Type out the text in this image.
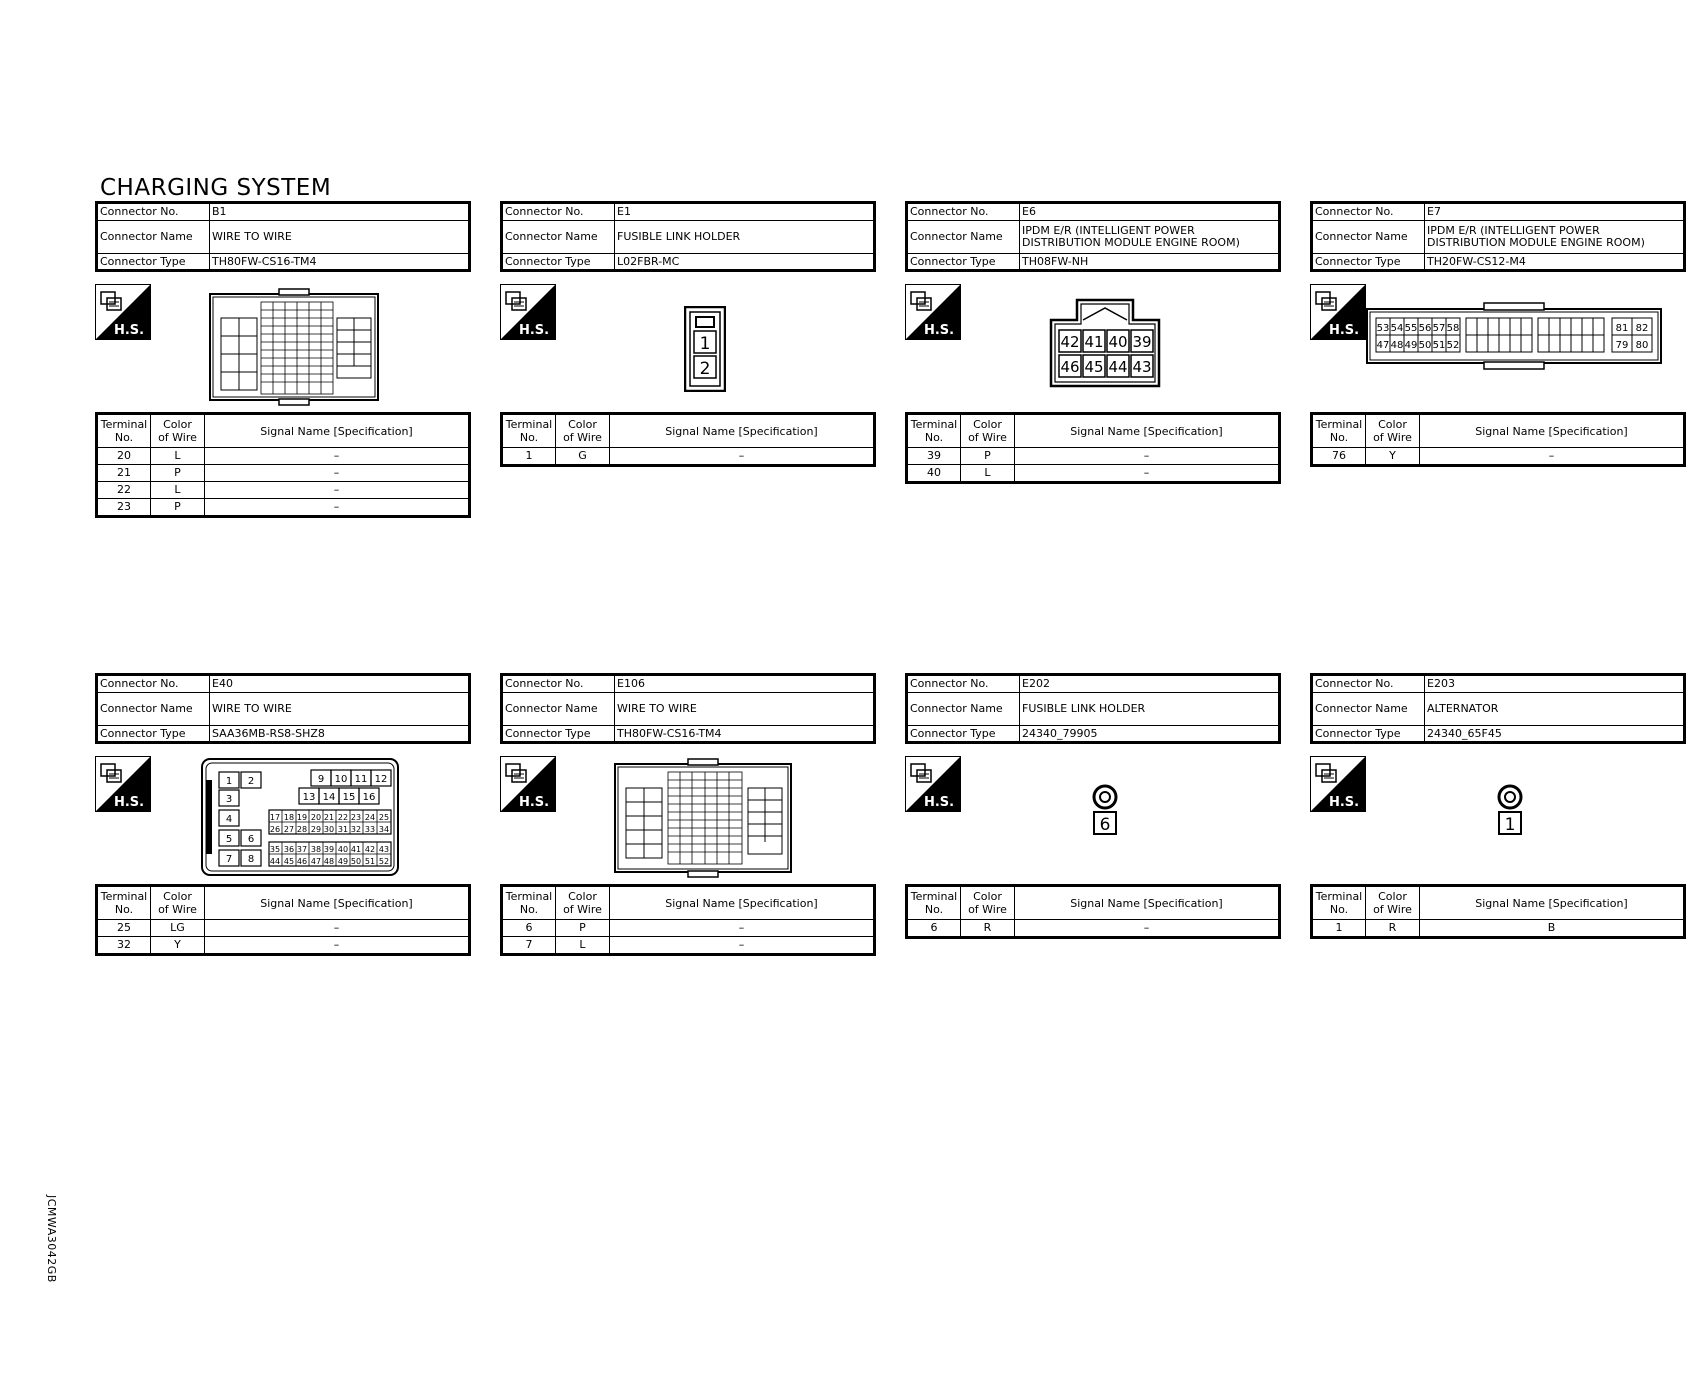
CHARGING SYSTEM
JCMWA3042GB
Connector No.	B1
Connector Name	WIRE TO WIRE
Connector Type	TH80FW-CS16-TM4
H.S.
Terminal
No.	Color
of Wire	Signal Name [Specification]
20	L	–
21	P	–
22	L	–
23	P	–
Connector No.	E1
Connector Name	FUSIBLE LINK HOLDER
Connector Type	L02FBR-MC
H.S.
1
2
Terminal
No.	Color
of Wire	Signal Name [Specification]
1	G	–
Connector No.	E6
Connector Name	IPDM E/R (INTELLIGENT POWER
DISTRIBUTION MODULE ENGINE ROOM)
Connector Type	TH08FW-NH
H.S.
42 41 40 39
46 45 44 43
Terminal
No.	Color
of Wire	Signal Name [Specification]
39	P	–
40	L	–
Connector No.	E7
Connector Name	IPDM E/R (INTELLIGENT POWER
DISTRIBUTION MODULE ENGINE ROOM)
Connector Type	TH20FW-CS12-M4
H.S. 53 54 55 56 57 58
47 48 49 50 51 52
81 82
79 80
Terminal
No.	Color
of Wire	Signal Name [Specification]
76	Y	–
Connector No.	E40
Connector Name	WIRE TO WIRE
Connector Type	SAA36MB-RS8-SHZ8
H.S.
1 2
3
4
5 6
7 8
9 10 11 12
13 14 15 16
17 18 19 20 21 22 23 24 25
26 27 28 29 30 31 32 33 34
35 36 37 38 39 40 41 42 43
44 45 46 47 48 49 50 51 52
Terminal
No.	Color
of Wire	Signal Name [Specification]
25	LG	–
32	Y	–
Connector No.	E106
Connector Name	WIRE TO WIRE
Connector Type	TH80FW-CS16-TM4
H.S.
Terminal
No.	Color
of Wire	Signal Name [Specification]
6	P	–
7	L	–
Connector No.	E202
Connector Name	FUSIBLE LINK HOLDER
Connector Type	24340_79905
H.S.
6
Terminal
No.	Color
of Wire	Signal Name [Specification]
6	R	–
Connector No.	E203
Connector Name	ALTERNATOR
Connector Type	24340_65F45
H.S.
1
Terminal
No.	Color
of Wire	Signal Name [Specification]
1	R	B
